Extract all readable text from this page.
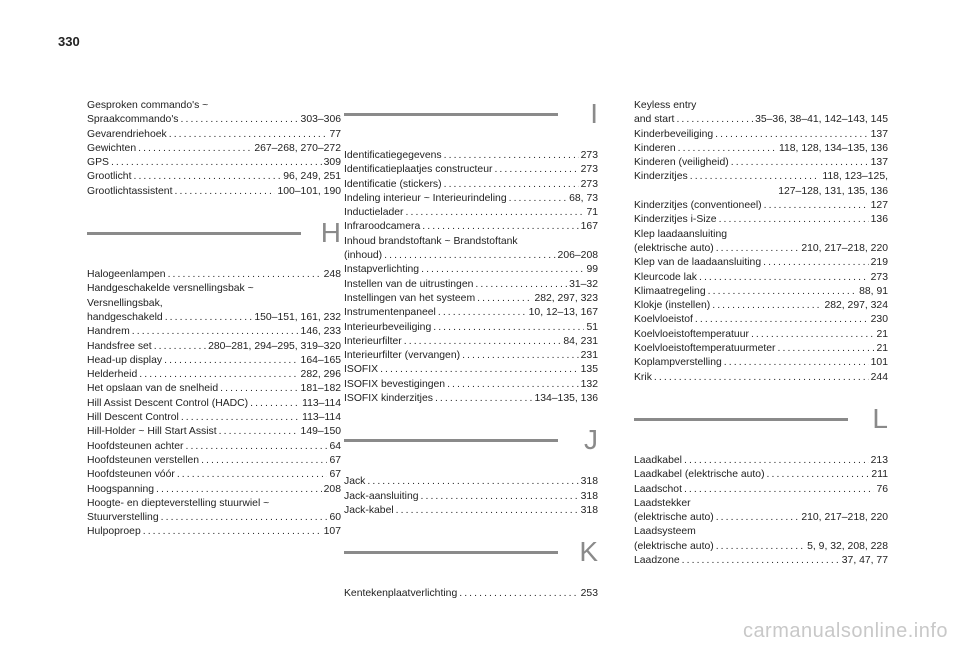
330
Gesproken commando's ~
Spraakcommando's . . .	303–306
Gevarendriehoek . . .	77
Gewichten . . .	267–268, 270–272
GPS . . .	309
Grootlicht . . .	96, 249, 251
Grootlichtassistent . . .	100–101, 190
H
Halogeenlampen . . .	248
Handgeschakelde versnellingsbak ~
Versnellingsbak,
handgeschakeld . . .	150–151, 161, 232
Handrem . . .	146, 233
Handsfree set . . .	280–281, 294–295, 319–320
Head-up display . . .	164–165
Helderheid . . .	282, 296
Het opslaan van de snelheid . . .	181–182
Hill Assist Descent Control (HADC) . . .	113–114
Hill Descent Control . . .	113–114
Hill-Holder ~ Hill Start Assist . . .	149–150
Hoofdsteunen achter . . .	64
Hoofdsteunen verstellen . . .	67
Hoofdsteunen vóór . . .	67
Hoogspanning . . .	208
Hoogte- en diepteverstelling stuurwiel ~
Stuurverstelling . . .	60
Hulpoproep . . .	107
I
Identificatiegegevens . . .	273
Identificatieplaatjes constructeur . . .	273
Identificatie (stickers) . . .	273
Indeling interieur ~ Interieurindeling . . .	68, 73
Inductielader . . .	71
Infraroodcamera . . .	167
Inhoud brandstoftank ~ Brandstoftank
(inhoud) . . .	206–208
Instapverlichting . . .	99
Instellen van de uitrustingen . . .	31–32
Instellingen van het systeem . . .	282, 297, 323
Instrumentenpaneel . . .	10, 12–13, 167
Interieurbeveiliging . . .	51
Interieurfilter . . .	84, 231
Interieurfilter (vervangen) . . .	231
ISOFIX . . .	135
ISOFIX bevestigingen . . .	132
ISOFIX kinderzitjes . . .	134–135, 136
J
Jack . . .	318
Jack-aansluiting . . .	318
Jack-kabel . . .	318
K
Kentekenplaatverlichting . . .	253
Keyless entry
and start . . .	35–36, 38–41, 142–143, 145
Kinderbeveiliging . . .	137
Kinderen . . .	118, 128, 134–135, 136
Kinderen (veiligheid) . . .	137
Kinderzitjes . . .	118, 123–125,
127–128, 131, 135, 136
Kinderzitjes (conventioneel) . . .	127
Kinderzitjes i-Size . . .	136
Klep laadaansluiting
(elektrische auto) . . .	210, 217–218, 220
Klep van de laadaansluiting . . .	219
Kleurcode lak . . .	273
Klimaatregeling . . .	88, 91
Klokje (instellen) . . .	282, 297, 324
Koelvloeistof . . .	230
Koelvloeistoftemperatuur . . .	21
Koelvloeistoftemperatuurmeter . . .	21
Koplampverstelling . . .	101
Krik . . .	244
L
Laadkabel . . .	213
Laadkabel (elektrische auto) . . .	211
Laadschot . . .	76
Laadstekker
(elektrische auto) . . .	210, 217–218, 220
Laadsysteem
(elektrische auto) . . .	5, 9, 32, 208, 228
Laadzone . . .	37, 47, 77
carmanualsonline.info
